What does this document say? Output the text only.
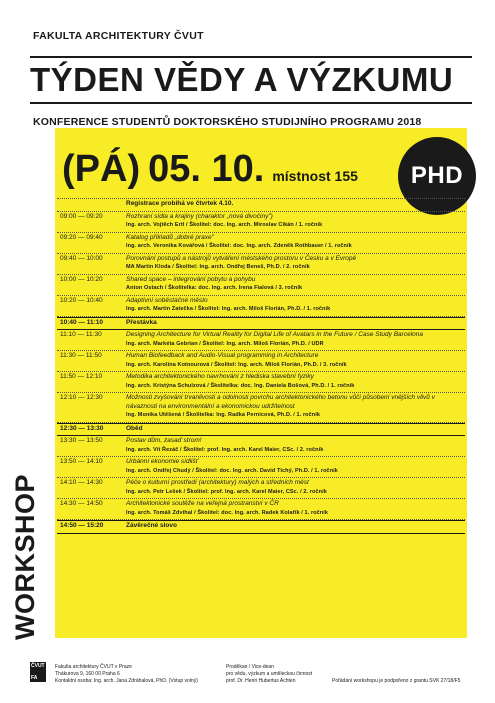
FAKULTA ARCHITEKTURY ČVUT
TÝDEN VĚDY A VÝZKUMU
KONFERENCE STUDENTŮ DOKTORSKÉHO STUDIJNÍHO PROGRAMU 2018
(PÁ) 05. 10. místnost 155	PHD
Registrace probíhá ve čtvrtek 4.10.
09:00 — 09:20	Rozhraní sídla a krajiny (charaktor „nová divočiny")
Ing. arch. Vojtěch Ertl / Školitel: doc. Ing. arch. Miroslav Cikán / 1. ročník
09:20 — 09:40	Katalog příkladů „dobré praxe"
Ing. arch. Veronika Kovářová / Školitel: doc. Ing. arch. Zdeněk Rothbauer / 1. ročník
09:40 — 10:00	Porovnání postupů a nástrojů vytváření městského prostoru v Česku a v Evropě
MA Martin Kloda / Školitel: Ing. arch. Ondřej Beneš, Ph.D. / 2. ročník
10:00 — 10:20	Shared space – integrování pobytu a pohybu
Anton Ostach / Školitelka: doc. Ing. arch. Irena Fialová / 3. ročník
10:20 — 10:40	Adaptivní soběstačné město
Ing. arch. Martin Zatečka / Školitel: Ing. arch. Miloš Florián, Ph.D. / 1. ročník
10:40 — 11:10	Přestávka
11:10 — 11:30	Designing Architecture for Virtual Reality for Digital Life of Avatars in the Future / Case Study Barcelona
Ing. arch. Markéta Gebrian / Školitel: Ing. arch. Miloš Florián, Ph.D. / UDR
11:30 — 11:50	Human Biofeedback and Audio-Visual programming in Architecture
Ing. arch. Karolína Kotnourová / Školitel: Ing. arch. Miloš Florián, Ph.D. / 3. ročník
11:50 — 12:10	Metodika architektonického navrhování z hlediska stavební fyziky
Ing. arch. Kristýna Schulzová / Školitelka: doc. Ing. Daniela Bošová, Ph.D. / 1. ročník
12:10 — 12:30	Možnosti zvyšování trvanlivosti a odolnosti povrchu architektonického betonu vůči působení vnějších vlivů v návaznosti na environmentální a ekonomickou udržitelnost
Ing. Monika Utěšená / Školitelka: Ing. Radka Pernicová, Ph.D. / 1. ročník
12:30 — 13:30	Oběd
13:30 — 13:50	Postav dům, zasaď strom!
Ing. arch. Vít Řezáč / Školitel: prof. Ing. arch. Karel Maier, CSc. / 2. ročník
13:50 — 14:10	Urbánní ekonomie sídlišť
Ing. arch. Ondřej Chudý / Školitel: doc. Ing. arch. David Tichý, Ph.D. / 1. ročník
14:10 — 14:30	Péče o kulturní prostředí (architektury) malých a středních měst
Ing. arch. Petr Lešek / Školitel: prof. Ing. arch. Karel Maier, CSc. / 2. ročník
14:30 — 14:50	Architektonické soutěže na veřejná prostranství v ČR
Ing. arch. Tomáš Zdvihal / Školitel: doc. Ing. arch. Radek Kolařík / 1. ročník
14:50 — 15:20	Závěrečné slovo
WORKSHOP
ČVUT
FA
Fakulta architektury ČVUT v Praze
Thákurova 9, 160 00 Praha 6
Kontaktní osoba: Ing. arch. Jana Zdráhalová, PhD. (Vstup volný)
Proděkan / Vice-dean
pro vědu, výzkum a uměleckou činnost
prof. Dr. Henri Hubertus Achten	Pořádání workshopu je podpořeno z grantu SVK 27/18/F5
